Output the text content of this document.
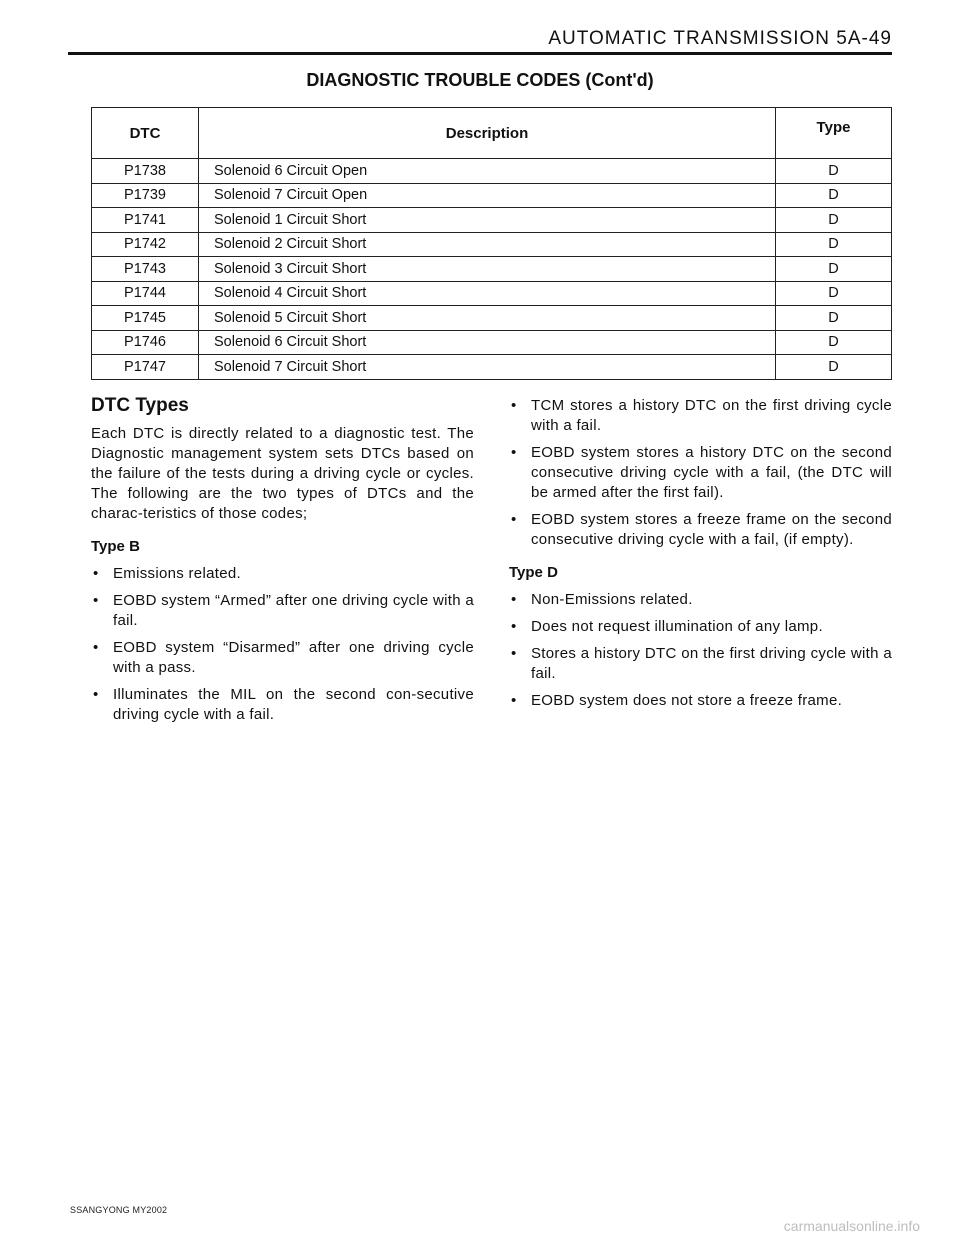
AUTOMATIC TRANSMISSION 5A-49
DIAGNOSTIC TROUBLE CODES (Cont'd)
DTC	Description	Type
P1738	Solenoid 6 Circuit Open	D
P1739	Solenoid 7 Circuit Open	D
P1741	Solenoid 1 Circuit Short	D
P1742	Solenoid 2 Circuit Short	D
P1743	Solenoid 3 Circuit Short	D
P1744	Solenoid 4 Circuit Short	D
P1745	Solenoid 5 Circuit Short	D
P1746	Solenoid 6 Circuit Short	D
P1747	Solenoid 7 Circuit Short	D
DTC Types

Each DTC is directly related to a diagnostic test. The Diagnostic management system sets DTCs based on the failure of the tests during a driving cycle or cycles. The following are the two types of DTCs and the charac-teristics of those codes;

Type B
• Emissions related.
• EOBD system “Armed” after one driving cycle with a fail.
• EOBD system “Disarmed” after one driving cycle with a pass.
• Illuminates the MIL on the second con-secutive driving cycle with a fail.
• TCM stores a history DTC on the first driving cycle with a fail.
• EOBD system stores a history DTC on the second consecutive driving cycle with a fail, (the DTC will be armed after the first fail).
• EOBD system stores a freeze frame on the second consecutive driving cycle with a fail, (if empty).
Type D
• Non-Emissions related.
• Does not request illumination of any lamp.
• Stores a history DTC on the first driving cycle with a fail.
• EOBD system does not store a freeze frame.
SSANGYONG MY2002
carmanualsonline.info
